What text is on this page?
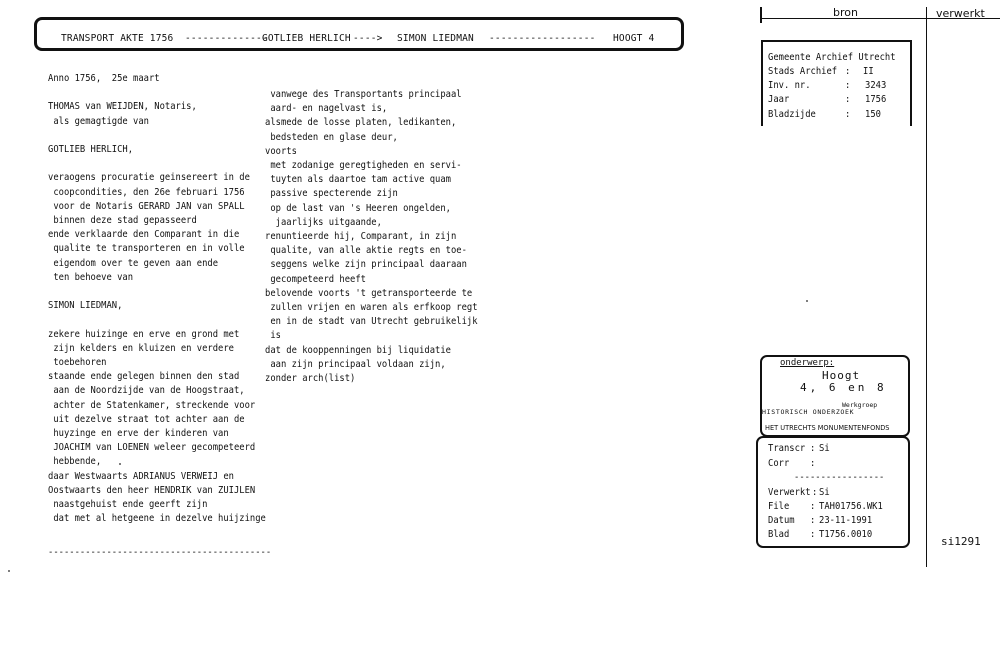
TRANSPORT AKTE 1756 --------------
GOTLIEB HERLICH ----> SIMON LIEDMAN ------------------ HOOGT 4
Anno 1756,  25e maart
THOMAS van WEIJDEN, Notaris,
als gemagtigde van
GOTLIEB HERLICH,
veraogens procuratie geinsereert in de
coopcondities, den 26e februari 1756
voor de Notaris GERARD JAN van SPALL
binnen deze stad gepasseerd
ende verklaarde den Comparant in die
qualite te transporteren en in volle
eigendom over te geven aan ende
ten behoeve van
SIMON LIEDMAN,
zekere huizinge en erve en grond met
zijn kelders en kluizen en verdere
toebehoren
staande ende gelegen binnen den stad
aan de Noordzijde van de Hoogstraat,
achter de Statenkamer, streckende voor
uit dezelve straat tot achter aan de
huyzinge en erve der kinderen van
JOACHIM van LOENEN weleer gecompeteerd
hebbende,
daar Westwaarts ADRIANUS VERWEIJ en
Oostwaarts den heer HENDRIK van ZUIJLEN
naastgehuist ende geerft zijn
dat met al hetgeene in dezelve huijzinge
vanwege des Transportants principaal
aard- en nagelvast is,
alsmede de losse platen, ledikanten,
bedsteden en glase deur,
voorts
met zodanige geregtigheden en servi-
tuyten als daartoe tam active quam
passive specterende zijn
op de last van 's Heeren ongelden,
jaarlijks uitgaande,
renuntieerde hij, Comparant, in zijn
qualite, van alle aktie regts en toe-
seggens welke zijn principaal daaraan
gecompeteerd heeft
belovende voorts 't getransporteerde te
zullen vrijen en waren als erfkoop regt
en in de stadt van Utrecht gebruikelijk
is
dat de kooppenningen bij liquidatie
aan zijn principaal voldaan zijn,
zonder arch(list)
------------------------------------------
bron	verwerkt
Gemeente Archief Utrecht
Stads Archief : II
Inv. nr.	: 3243
Jaar	: 1756
Bladzijde	: 150
onderwerp:
Hoogt
4, 6 en 8
Werkgroep
HISTORISCH ONDERZOEK
HET UTRECHTS MONUMENTENFONDS
Transcr : Si
Corr :
-----------------
Verwerkt : Si
File : TAH01756.WK1
Datum : 23-11-1991
Blad : T1756.0010
si1291
